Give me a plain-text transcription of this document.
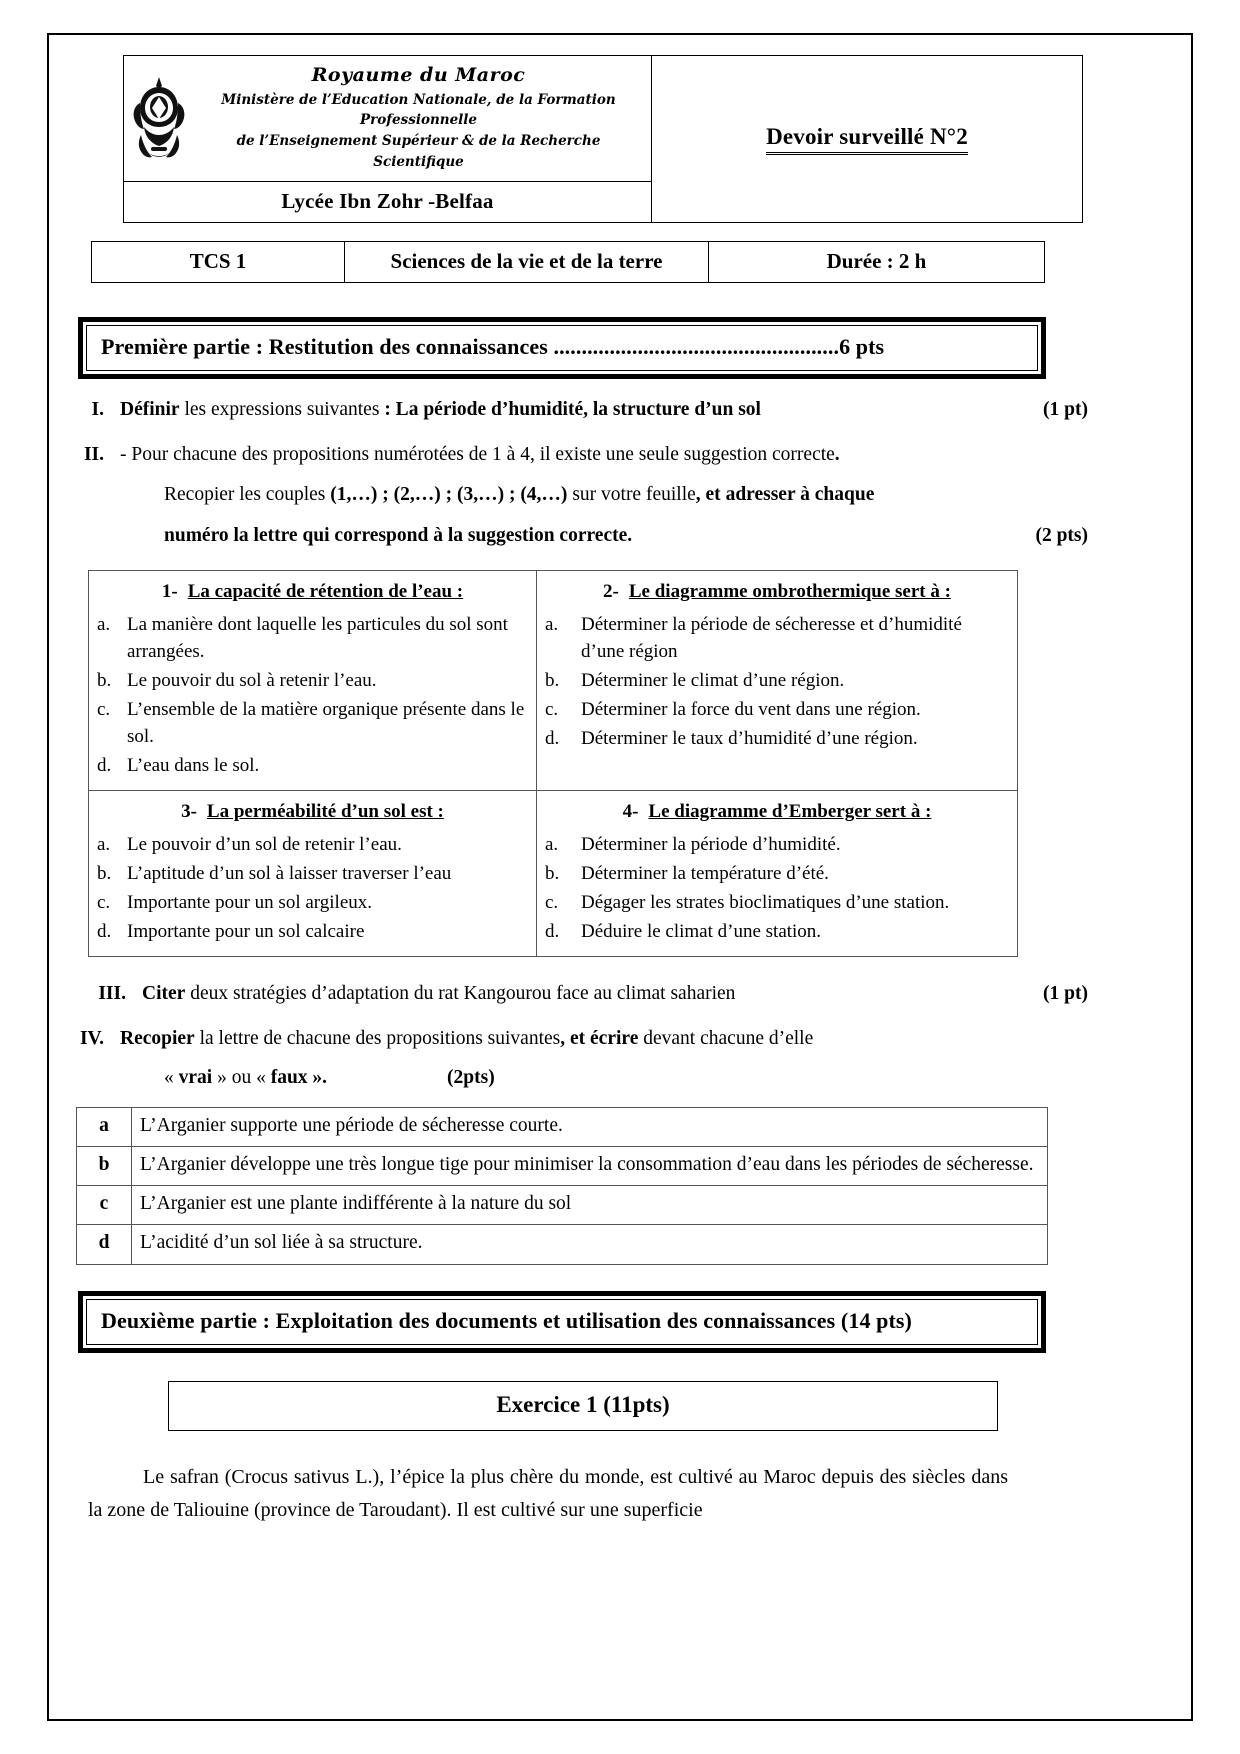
Royaume du Maroc
Ministère de l’Education Nationale, de la Formation Professionnelle
de l’Enseignement Supérieur & de la Recherche Scientifique
Lycée Ibn Zohr -Belfaa
Devoir surveillé N°2
TCS 1	Sciences de la vie et de la terre	Durée : 2 h
Première partie : Restitution des connaissances ...................................................6 pts
I.	(1 pt)
Définir les expressions suivantes : La période d’humidité, la structure d’un sol
II. - Pour chacune des propositions numérotées de 1 à 4, il existe une seule suggestion correcte.
Recopier les couples (1,…) ; (2,…) ; (3,…) ; (4,…) sur votre feuille, et adresser à chaque
(2 pts)
numéro la lettre qui correspond à la suggestion correcte.
1- La capacité de rétention de l’eau :
a. La manière dont laquelle les particules du sol sont arrangées.
b. Le pouvoir du sol à retenir l’eau.
c. L’ensemble de la matière organique présente dans le sol.
d. L’eau dans le sol.

2- Le diagramme ombrothermique sert à :
a.	Déterminer la période de sécheresse et d’humidité d’une région
b.	Déterminer le climat d’une région.
c.	Déterminer la force du vent dans une région.
d.	Déterminer le taux d’humidité d’une région.

3- La perméabilité d’un sol est :
a. Le pouvoir d’un sol de retenir l’eau.
b. L’aptitude d’un sol à laisser traverser l’eau
c. Importante pour un sol argileux.
d. Importante pour un sol calcaire

4- Le diagramme d’Emberger sert à :
a.	Déterminer la période d’humidité.
b.	Déterminer la température d’été.
c.	Dégager les strates bioclimatiques d’une station.
d.	Déduire le climat d’une station.
III.	(1 pt)
Citer deux stratégies d’adaptation du rat Kangourou face au climat saharien
IV. Recopier la lettre de chacune des propositions suivantes, et écrire devant chacune d’elle
« vrai » ou « faux ».	(2pts)
a	L’Arganier supporte une période de sécheresse courte.
b	L’Arganier développe une très longue tige pour minimiser la consommation d’eau dans les périodes de sécheresse.
c	L’Arganier est une plante indifférente à la nature du sol
d	L’acidité d’un sol liée à sa structure.
Deuxième partie : Exploitation des documents et utilisation des connaissances (14 pts)
Exercice 1 (11pts)
Le safran (Crocus sativus L.), l’épice la plus chère du monde, est cultivé au Maroc depuis des siècles dans la zone de Taliouine (province de Taroudant). Il est cultivé sur une superficie
